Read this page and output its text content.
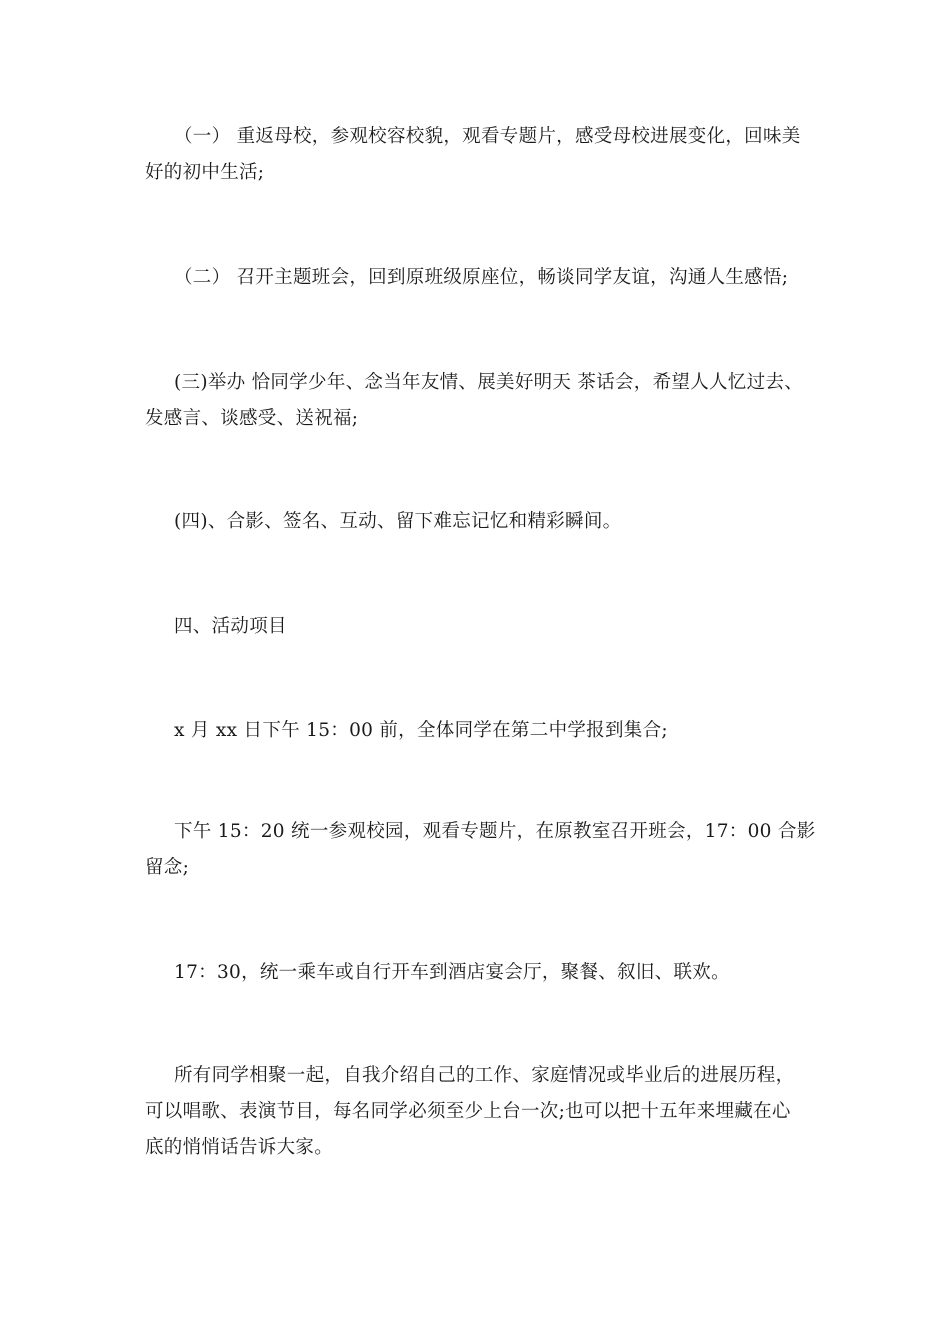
（一） 重返母校，参观校容校貌，观看专题片，感受母校进展变化，回味美
好的初中生活;

（二） 召开主题班会，回到原班级原座位，畅谈同学友谊，沟通人生感悟;

(三)举办 恰同学少年、念当年友情、展美好明天 茶话会，希望人人忆过去、
发感言、谈感受、送祝福;

(四)、合影、签名、互动、留下难忘记忆和精彩瞬间。

四、活动项目

x 月 xx 日下午 15：00 前，全体同学在第二中学报到集合;

下午 15：20 统一参观校园，观看专题片，在原教室召开班会，17：00 合影
留念;

17：30，统一乘车或自行开车到酒店宴会厅，聚餐、叙旧、联欢。

所有同学相聚一起，自我介绍自己的工作、家庭情况或毕业后的进展历程，
可以唱歌、表演节目，每名同学必须至少上台一次;也可以把十五年来埋藏在心
底的悄悄话告诉大家。
